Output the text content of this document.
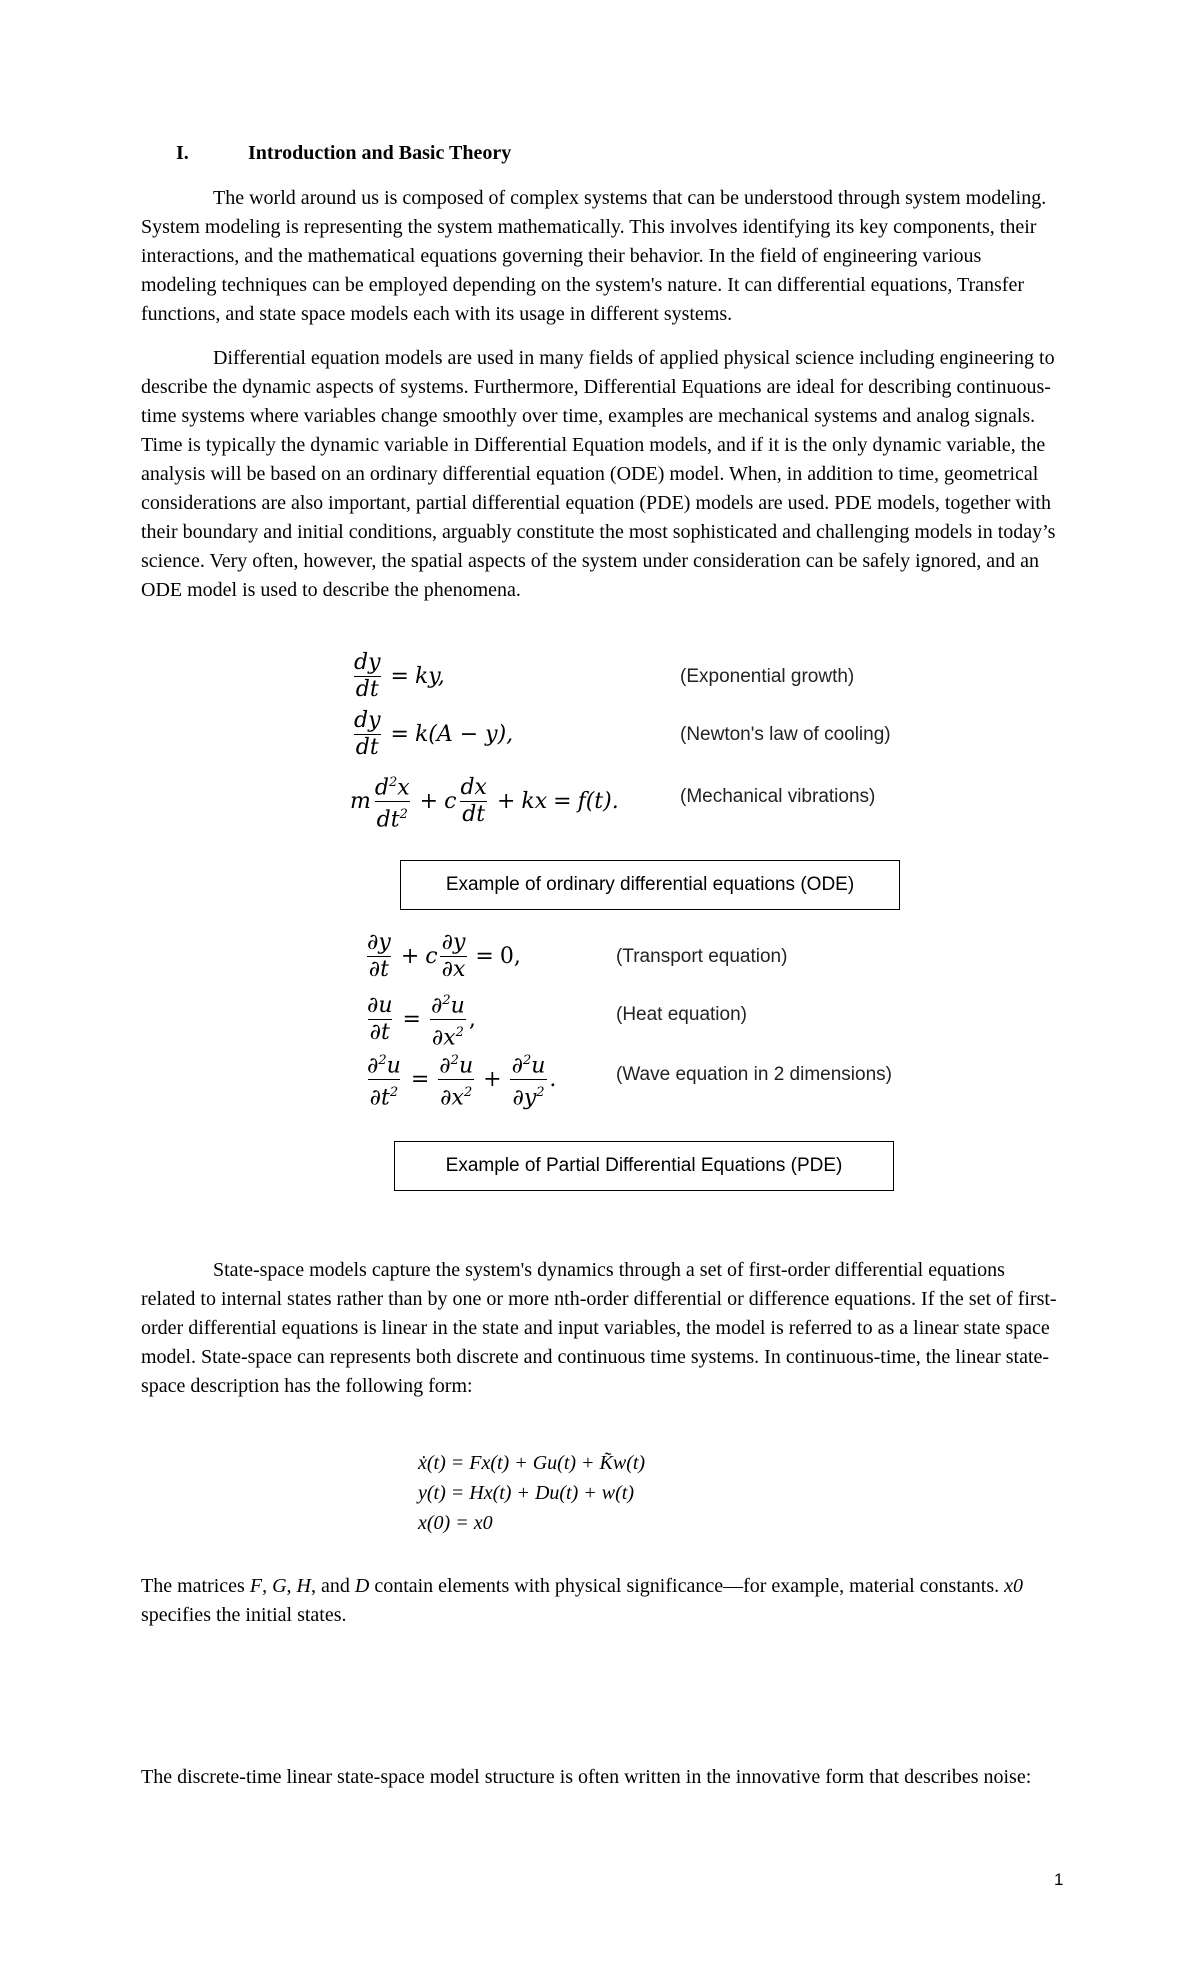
I.	Introduction and Basic Theory

The world around us is composed of complex systems that can be understood through system modeling. System modeling is representing the system mathematically. This involves identifying its key components, their interactions, and the mathematical equations governing their behavior. In the field of engineering various modeling techniques can be employed depending on the system's nature. It can differential equations, Transfer functions, and state space models each with its usage in different systems.

Differential equation models are used in many fields of applied physical science including engineering to describe the dynamic aspects of systems. Furthermore, Differential Equations are ideal for describing continuous-time systems where variables change smoothly over time, examples are mechanical systems and analog signals. Time is typically the dynamic variable in Differential Equation models, and if it is the only dynamic variable, the analysis will be based on an ordinary differential equation (ODE) model. When, in addition to time, geometrical considerations are also important, partial differential equation (PDE) models are used. PDE models, together with their boundary and initial conditions, arguably constitute the most sophisticated and challenging models in today’s science. Very often, however, the spatial aspects of the system under consideration can be safely ignored, and an ODE model is used to describe the phenomena.

$\frac{dy}{dt}$ = ky,
$\frac{dy}{dt} = k(A - y)$,
m $\frac{d^2x}{dt^2} + c \frac{dx}{dt}$ + kx = f(t).
(Exponential growth)
(Newton's law of cooling)
(Mechanical vibrations)
Example of ordinary differential equations (ODE)
$\frac{\partial y}{\partial t} + c \frac{\partial y}{\partial x} = 0$,
$\frac{\partial u}{\partial t} = \frac{\partial^2u}{\partial x^2}$ ,
$\frac{\partial^2u}{\partial t^2} = \frac{\partial^2u}{\partial x^2} + \frac{\partial^2u}{\partial y^2}$ .
(Transport equation)
(Heat equation)
(Wave equation in 2 dimensions)
Example of Partial Differential Equations (PDE)

State-space models capture the system's dynamics through a set of first-order differential equations related to internal states rather than by one or more nth-order differential or difference equations. If the set of first-order differential equations is linear in the state and input variables, the model is referred to as a linear state space model. State-space can represents both discrete and continuous time systems. In continuous-time, the linear state-space description has the following form:

ẋ(t) = Fx(t) + Gu(t) + K̃w(t)
y(t) = Hx(t) + Du(t) + w(t)
x(0) = x0
The matrices F, G, H, and D contain elements with physical significance—for example, material constants. x0 specifies the initial states.
The discrete-time linear state-space model structure is often written in the innovative form that describes noise:
1
